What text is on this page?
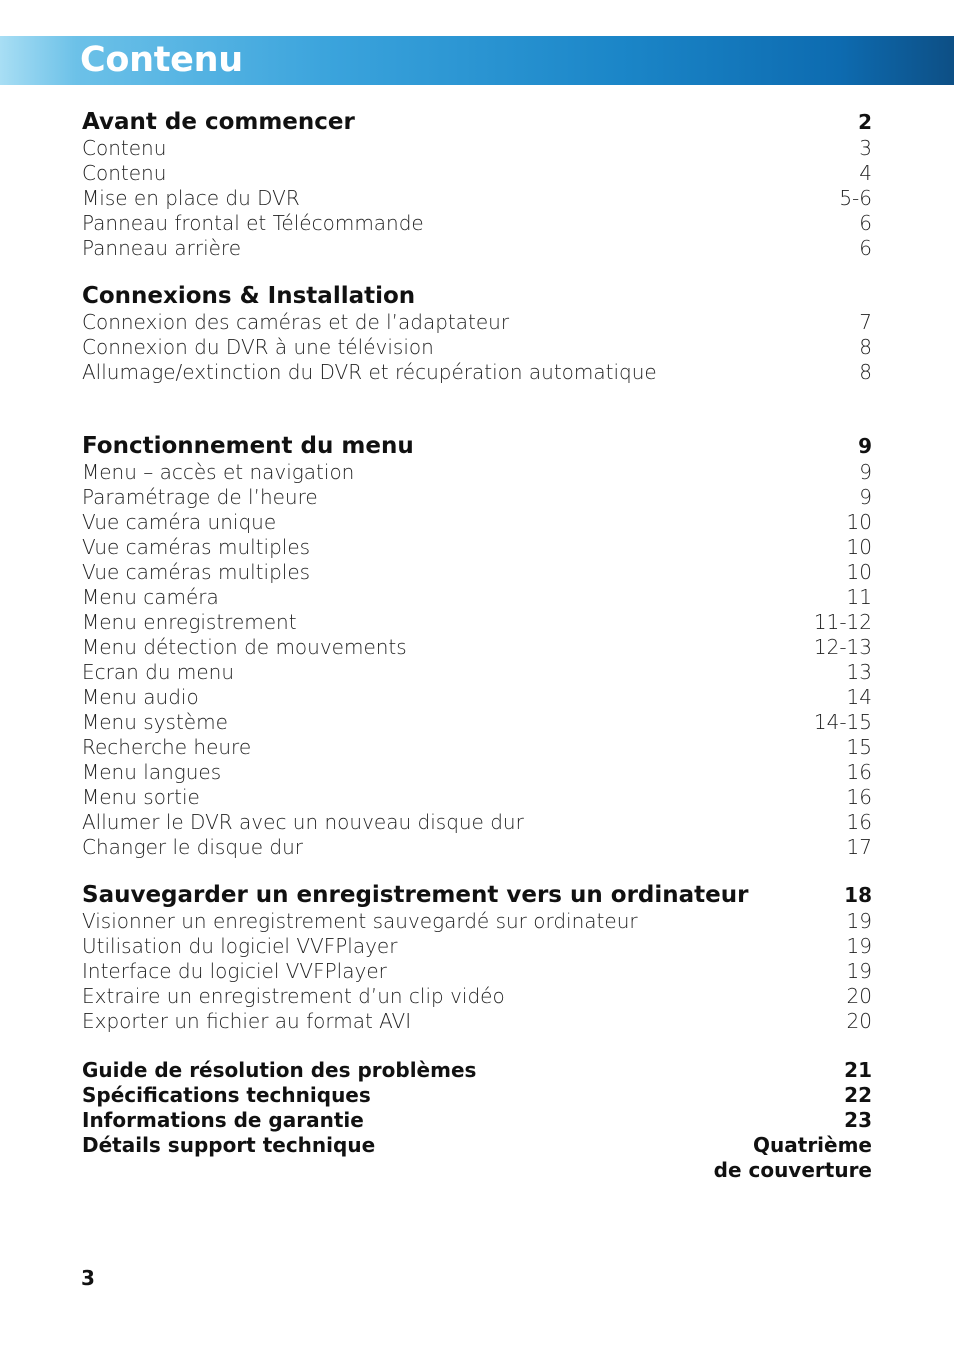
Contenu
Avant de commencer	2
Contenu	3
Contenu	4
Mise en place du DVR	5-6
Panneau frontal et Télécommande	6
Panneau arrière	6
Connexions & Installation
Connexion des caméras et de l’adaptateur	7
Connexion du DVR à une télévision	8
Allumage/extinction du DVR et récupération automatique	8
Fonctionnement du menu	9
Menu – accès et navigation	9
Paramétrage de l’heure	9
Vue caméra unique	10
Vue caméras multiples	10
Vue caméras multiples	10
Menu caméra	11
Menu enregistrement	11-12
Menu détection de mouvements	12-13
Ecran du menu	13
Menu audio	14
Menu système	14-15
Recherche heure	15
Menu langues	16
Menu sortie	16
Allumer le DVR avec un nouveau disque dur	16
Changer le disque dur	17
Sauvegarder un enregistrement vers un ordinateur	18
Visionner un enregistrement sauvegardé sur ordinateur	19
Utilisation du logiciel VVFPlayer	19
Interface du logiciel VVFPlayer	19
Extraire un enregistrement d’un clip vidéo	20
Exporter un fichier au format AVI	20
Guide de résolution des problèmes	21
Spécifications techniques	22
Informations de garantie	23
Détails support technique	Quatrième
de couverture
3
